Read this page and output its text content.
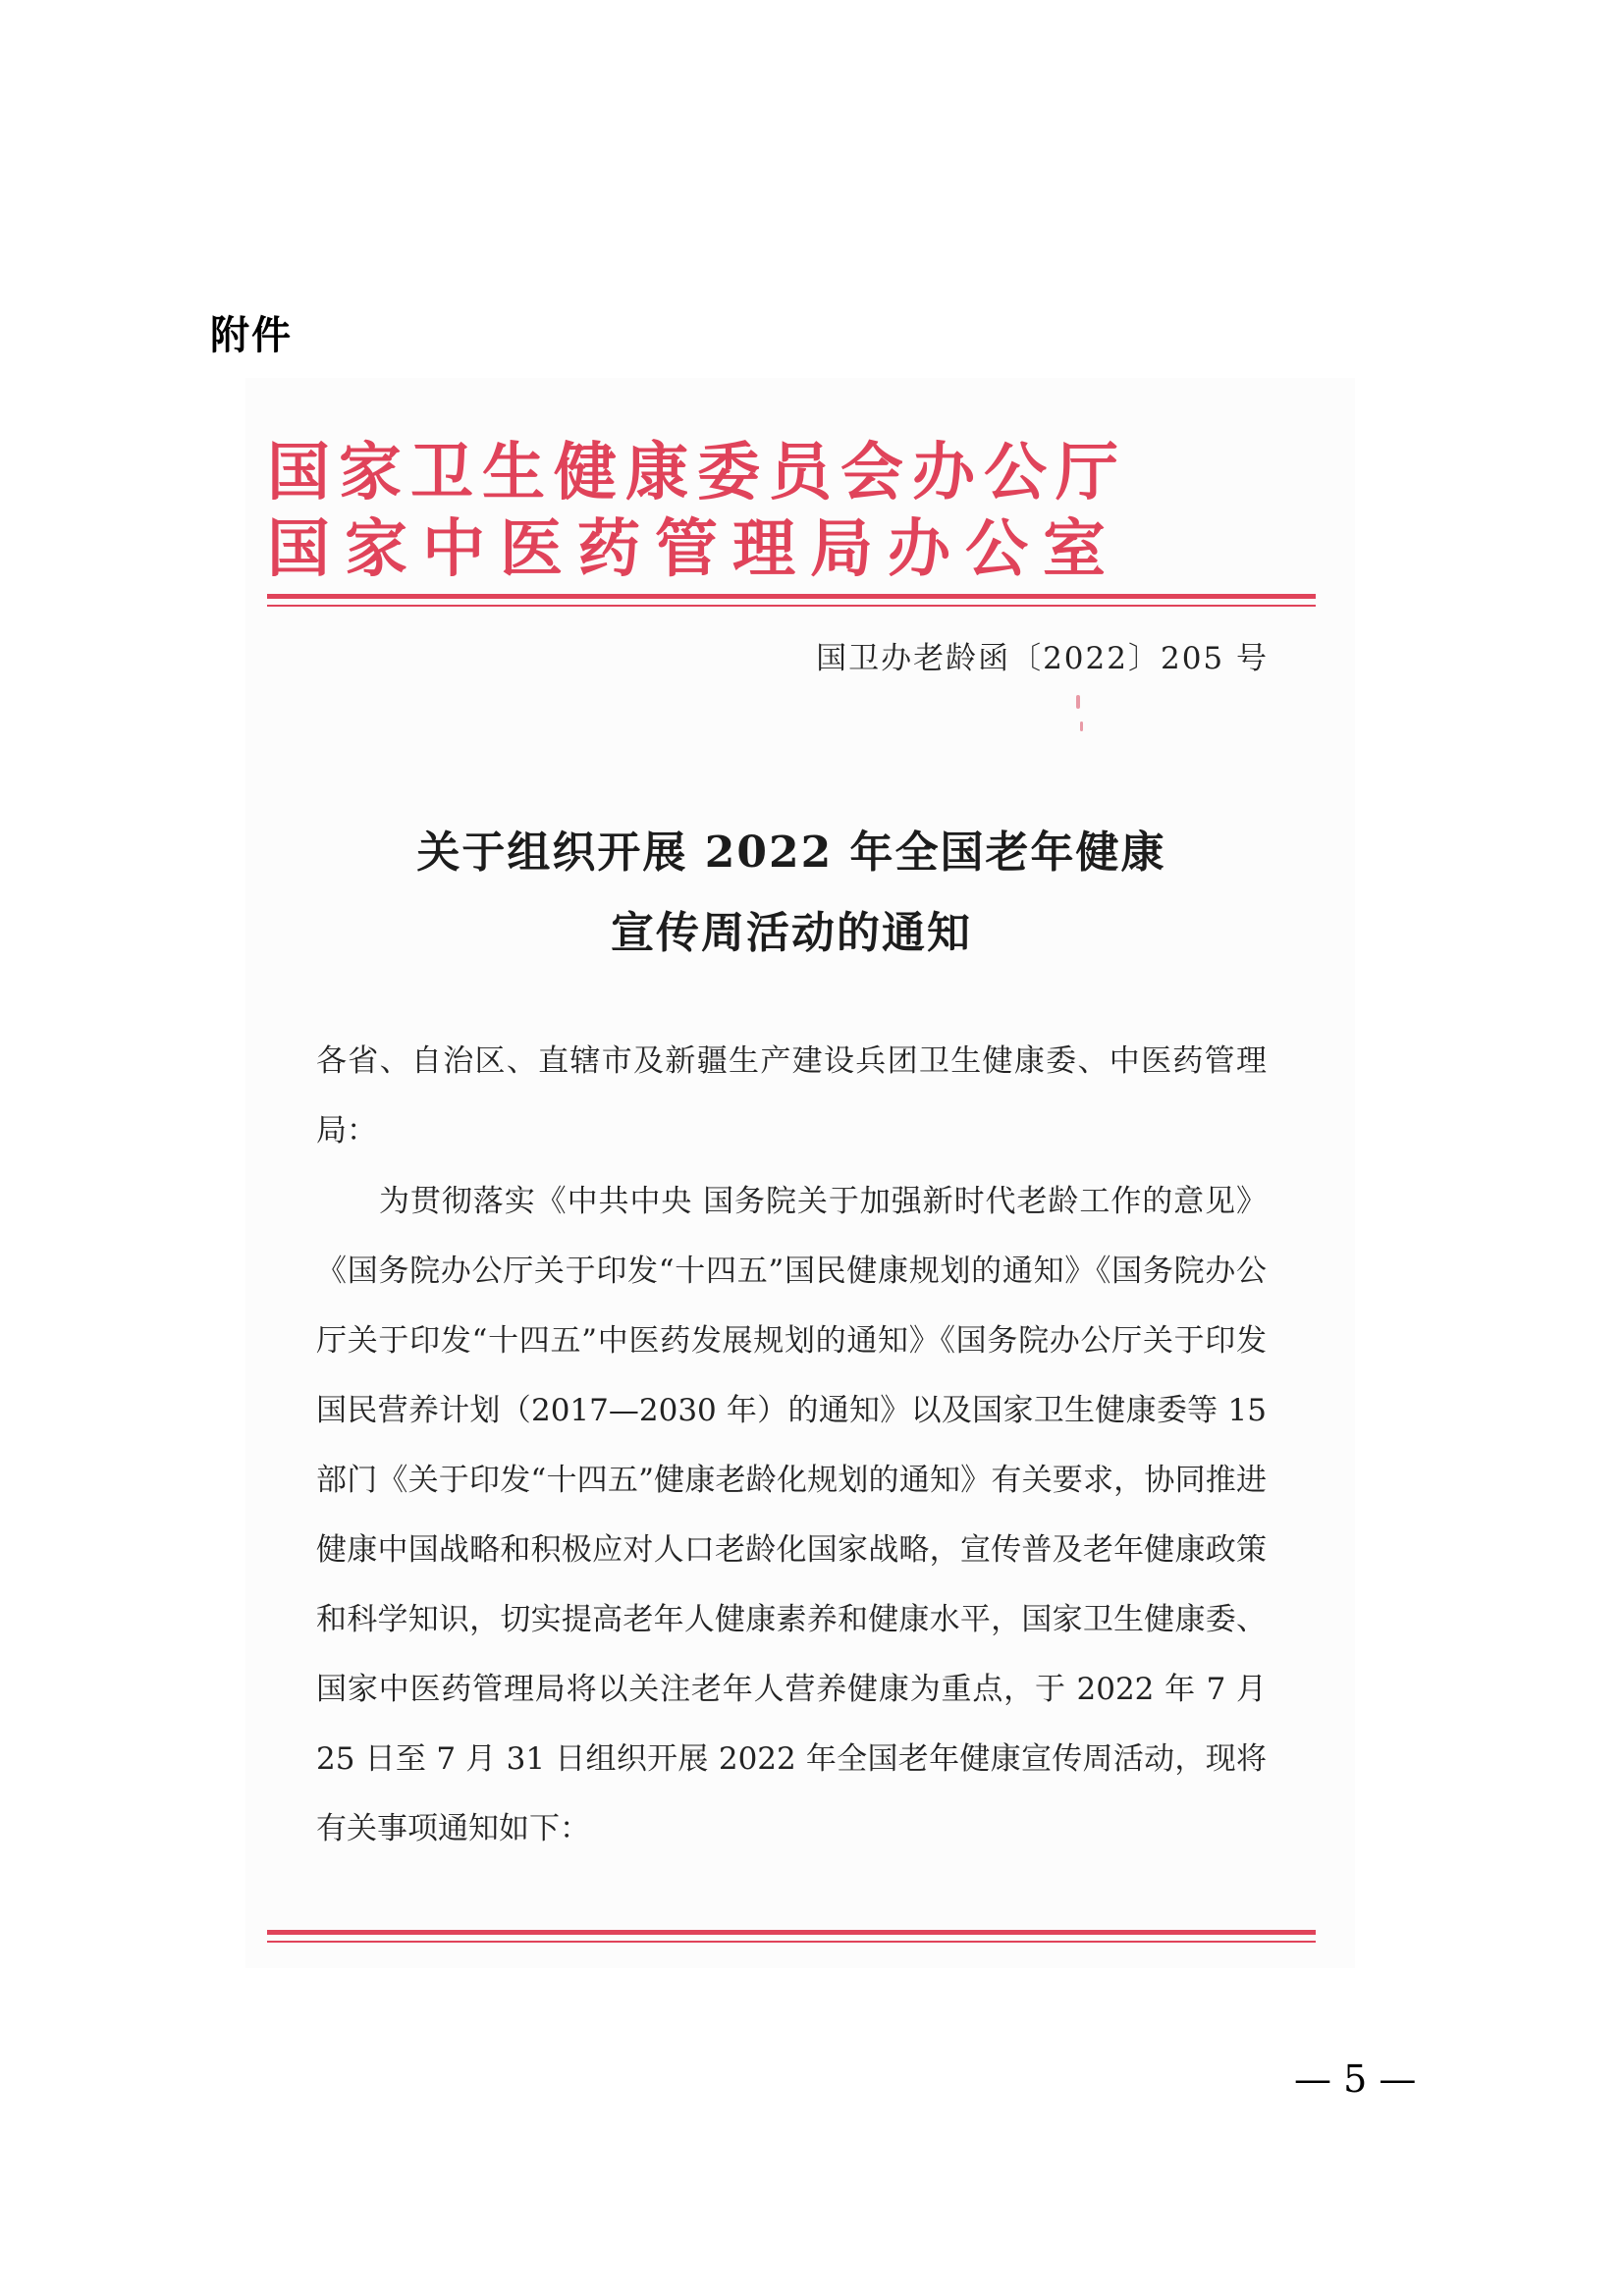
附件
国家卫生健康委员会办公厅
国家中医药管理局办公室
国卫办老龄函〔2022〕205 号
关于组织开展 2022 年全国老年健康
宣传周活动的通知
各省、自治区、直辖市及新疆生产建设兵团卫生健康委、中医药管理局：
为贯彻落实《中共中央 国务院关于加强新时代老龄工作的意见》《国务院办公厅关于印发“十四五”国民健康规划的通知》《国务院办公厅关于印发“十四五”中医药发展规划的通知》《国务院办公厅关于印发国民营养计划（2017—2030 年）的通知》以及国家卫生健康委等 15 部门《关于印发“十四五”健康老龄化规划的通知》有关要求，协同推进健康中国战略和积极应对人口老龄化国家战略，宣传普及老年健康政策和科学知识，切实提高老年人健康素养和健康水平，国家卫生健康委、国家中医药管理局将以关注老年人营养健康为重点，于 2022 年 7 月 25 日至 7 月 31 日组织开展 2022 年全国老年健康宣传周活动，现将有关事项通知如下：
— 5 —
